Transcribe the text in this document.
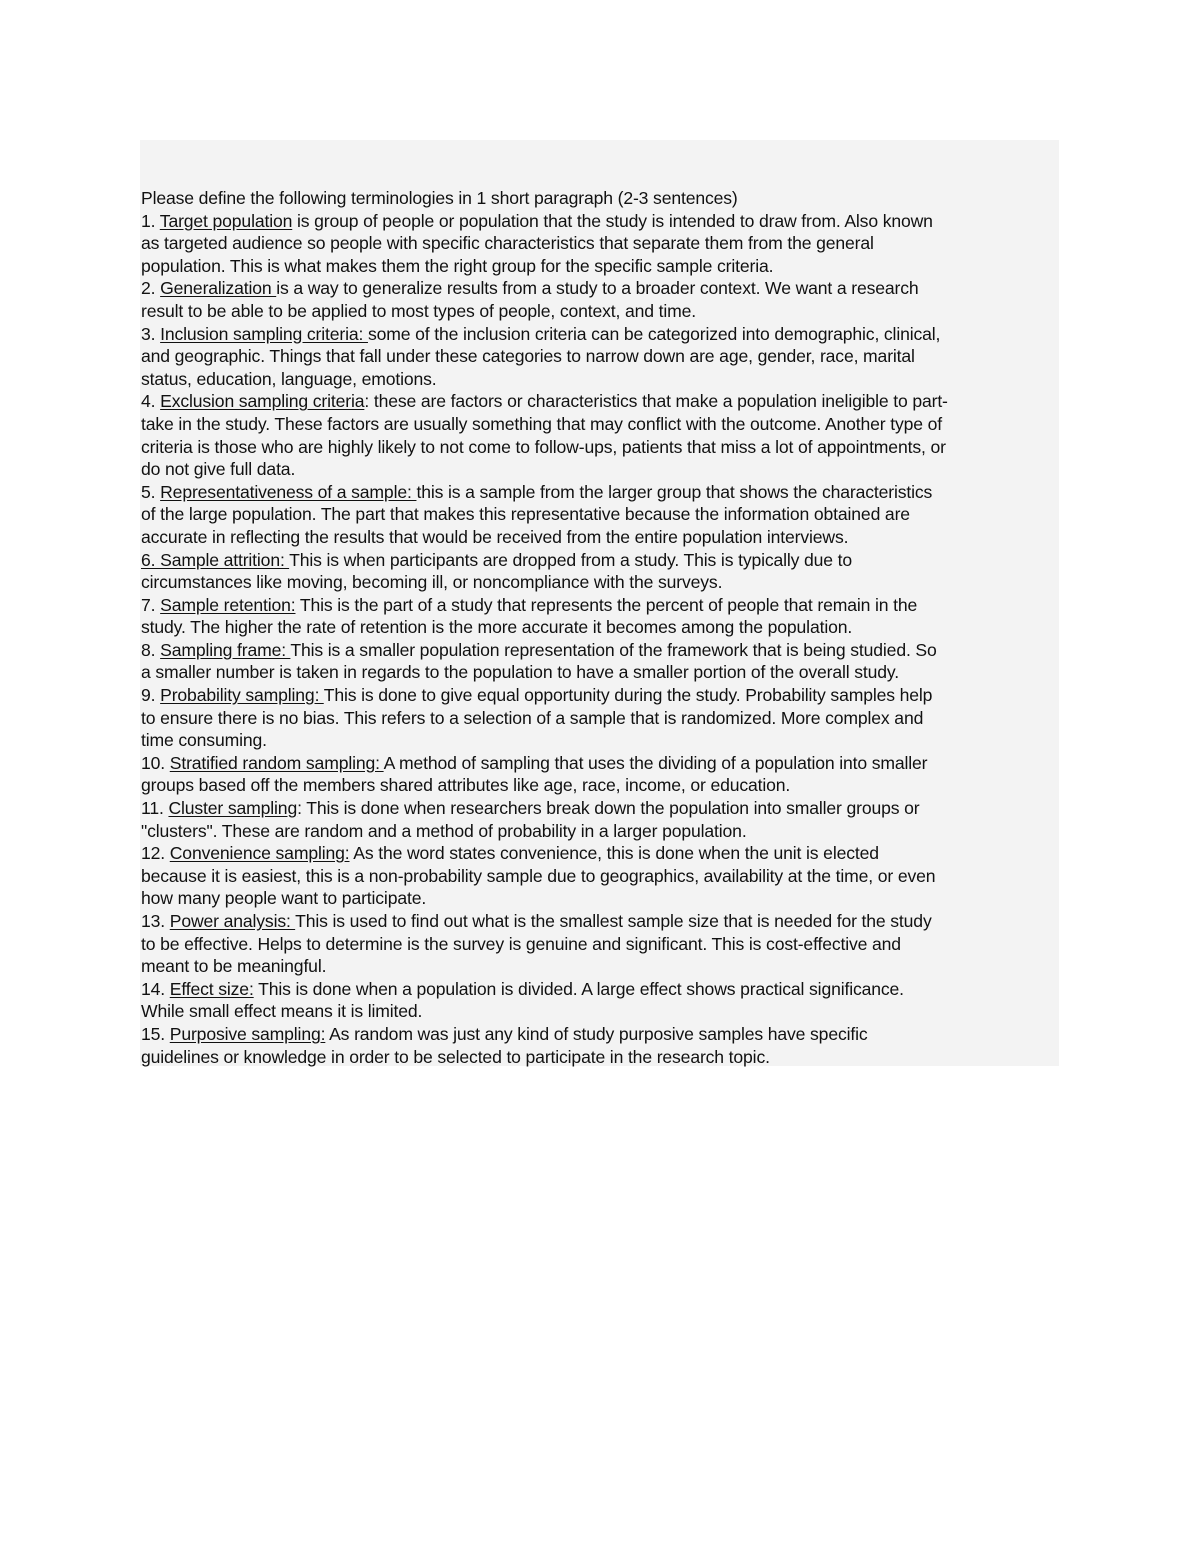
Please define the following terminologies in 1 short paragraph (2-3 sentences)
1. Target population is group of people or population that the study is intended to draw from. Also known
as targeted audience so people with specific characteristics that separate them from the general
population. This is what makes them the right group for the specific sample criteria.
2. Generalization is a way to generalize results from a study to a broader context. We want a research
result to be able to be applied to most types of people, context, and time.
3. Inclusion sampling criteria: some of the inclusion criteria can be categorized into demographic, clinical,
and geographic. Things that fall under these categories to narrow down are age, gender, race, marital
status, education, language, emotions.
4. Exclusion sampling criteria: these are factors or characteristics that make a population ineligible to part-
take in the study. These factors are usually something that may conflict with the outcome. Another type of
criteria is those who are highly likely to not come to follow-ups, patients that miss a lot of appointments, or
do not give full data.
5. Representativeness of a sample: this is a sample from the larger group that shows the characteristics
of the large population. The part that makes this representative because the information obtained are
accurate in reflecting the results that would be received from the entire population interviews.
6. Sample attrition: This is when participants are dropped from a study. This is typically due to
circumstances like moving, becoming ill, or noncompliance with the surveys.
7. Sample retention: This is the part of a study that represents the percent of people that remain in the
study. The higher the rate of retention is the more accurate it becomes among the population.
8. Sampling frame: This is a smaller population representation of the framework that is being studied. So
a smaller number is taken in regards to the population to have a smaller portion of the overall study.
9. Probability sampling: This is done to give equal opportunity during the study. Probability samples help
to ensure there is no bias. This refers to a selection of a sample that is randomized. More complex and
time consuming.
10. Stratified random sampling: A method of sampling that uses the dividing of a population into smaller
groups based off the members shared attributes like age, race, income, or education.
11. Cluster sampling: This is done when researchers break down the population into smaller groups or
"clusters". These are random and a method of probability in a larger population.
12. Convenience sampling: As the word states convenience, this is done when the unit is elected
because it is easiest, this is a non-probability sample due to geographics, availability at the time, or even
how many people want to participate.
13. Power analysis: This is used to find out what is the smallest sample size that is needed for the study
to be effective. Helps to determine is the survey is genuine and significant. This is cost-effective and
meant to be meaningful.
14. Effect size: This is done when a population is divided. A large effect shows practical significance.
While small effect means it is limited.
15. Purposive sampling: As random was just any kind of study purposive samples have specific
guidelines or knowledge in order to be selected to participate in the research topic.
